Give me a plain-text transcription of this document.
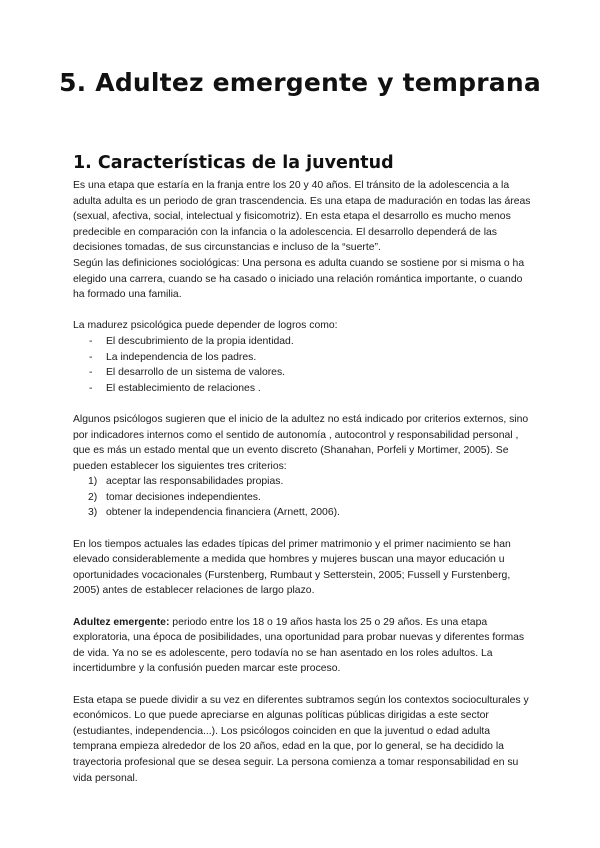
5. Adultez emergente y temprana
1. Características de la juventud

Es una etapa que estaría en la franja entre los 20 y 40 años. El tránsito de la adolescencia a la adulta adulta es un periodo de gran trascendencia. Es una etapa de maduración en todas las áreas (sexual, afectiva, social, intelectual y fisicomotriz). En esta etapa el desarrollo es mucho menos predecible en comparación con la infancia o la adolescencia. El desarrollo dependerá de las decisiones tomadas, de sus circunstancias e incluso de la “suerte”.
Según las definiciones sociológicas: Una persona es adulta cuando se sostiene por si misma o ha elegido una carrera, cuando se ha casado o iniciado una relación romántica importante, o cuando ha formado una familia.

La madurez psicológica puede depender de logros como:

- El descubrimiento de la propia identidad.
- La independencia de los padres.
- El desarrollo de un sistema de valores.
- El establecimiento de relaciones .

Algunos psicólogos sugieren que el inicio de la adultez no está indicado por criterios externos, sino por indicadores internos como el sentido de autonomía , autocontrol y responsabilidad personal , que es más un estado mental que un evento discreto (Shanahan, Porfeli y Mortimer, 2005). Se pueden establecer los siguientes tres criterios:

1) aceptar las responsabilidades propias.
2) tomar decisiones independientes.
3) obtener la independencia financiera (Arnett, 2006).

En los tiempos actuales las edades típicas del primer matrimonio y el primer nacimiento se han elevado considerablemente a medida que hombres y mujeres buscan una mayor educación u oportunidades vocacionales (Furstenberg, Rumbaut y Setterstein, 2005; Fussell y Furstenberg, 2005) antes de establecer relaciones de largo plazo.

Adultez emergente: periodo entre los 18 o 19 años hasta los 25 o 29 años. Es una etapa exploratoria, una época de posibilidades, una oportunidad para probar nuevas y diferentes formas de vida. Ya no se es adolescente, pero todavía no se han asentado en los roles adultos. La incertidumbre y la confusión pueden marcar este proceso.

Esta etapa se puede dividir a su vez en diferentes subtramos según los contextos socioculturales y económicos. Lo que puede apreciarse en algunas políticas públicas dirigidas a este sector (estudiantes, independencia...). Los psicólogos coinciden en que la juventud o edad adulta temprana empieza alrededor de los 20 años, edad en la que, por lo general, se ha decidido la trayectoria profesional que se desea seguir. La persona comienza a tomar responsabilidad en su vida personal.
